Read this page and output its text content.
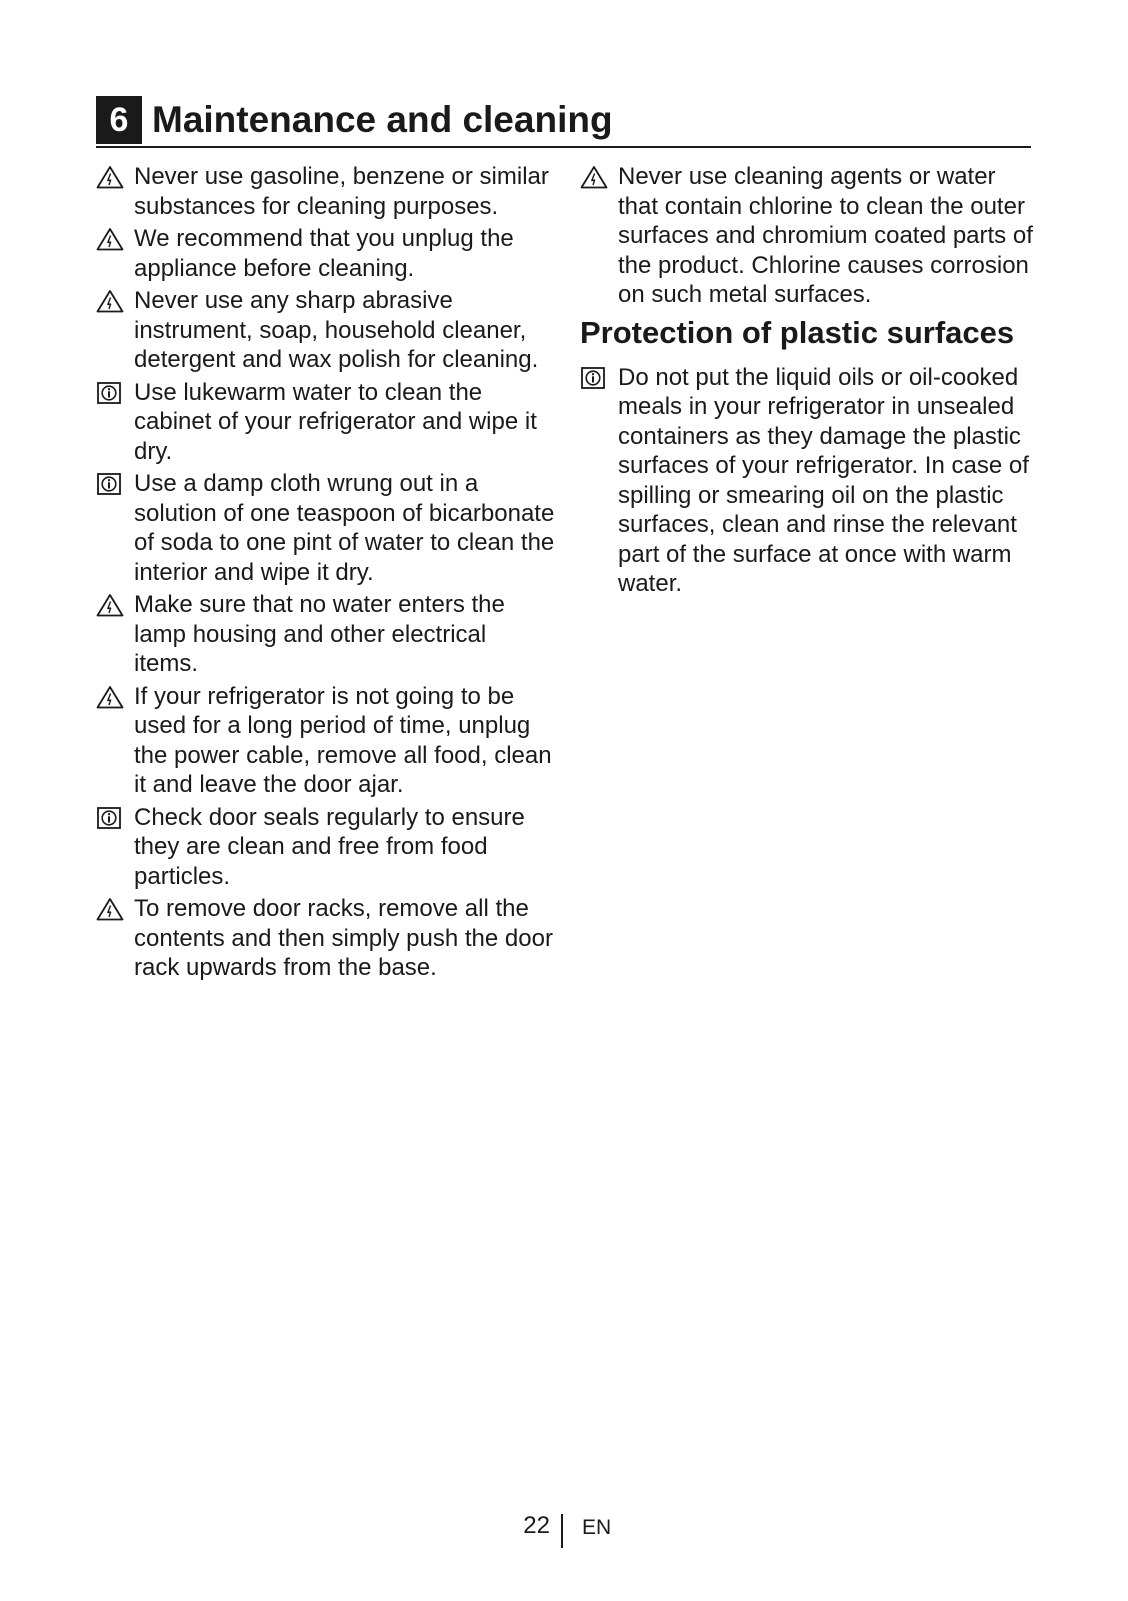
6 Maintenance and cleaning
Never use gasoline, benzene or similar substances for cleaning purposes.
We recommend that you unplug the appliance before cleaning.
Never use any sharp abrasive instrument, soap, household cleaner, detergent and wax polish for cleaning.
Use lukewarm water to clean the cabinet of your refrigerator and wipe it dry.
Use a damp cloth wrung out in a solution of one teaspoon of bicarbonate of soda to one pint of water to clean the interior and wipe it dry.
Make sure that no water enters the lamp housing and other electrical items.
If your refrigerator is not going to be used for a long period of time, unplug the power cable, remove all food, clean it and leave the door ajar.
Check door seals regularly to ensure they are clean and free from food particles.
To remove door racks, remove all the contents and then simply push the door rack upwards from the base.
Never use cleaning agents or water that contain chlorine to clean the outer surfaces and chromium coated parts of the product. Chlorine causes corrosion on such metal surfaces.
Protection of plastic surfaces
Do not put the liquid oils or oil-cooked meals in your refrigerator in unsealed containers as they damage the plastic surfaces of your refrigerator. In case of spilling or smearing oil on the plastic surfaces, clean and rinse the relevant part of the surface at once with warm water.
22 EN
